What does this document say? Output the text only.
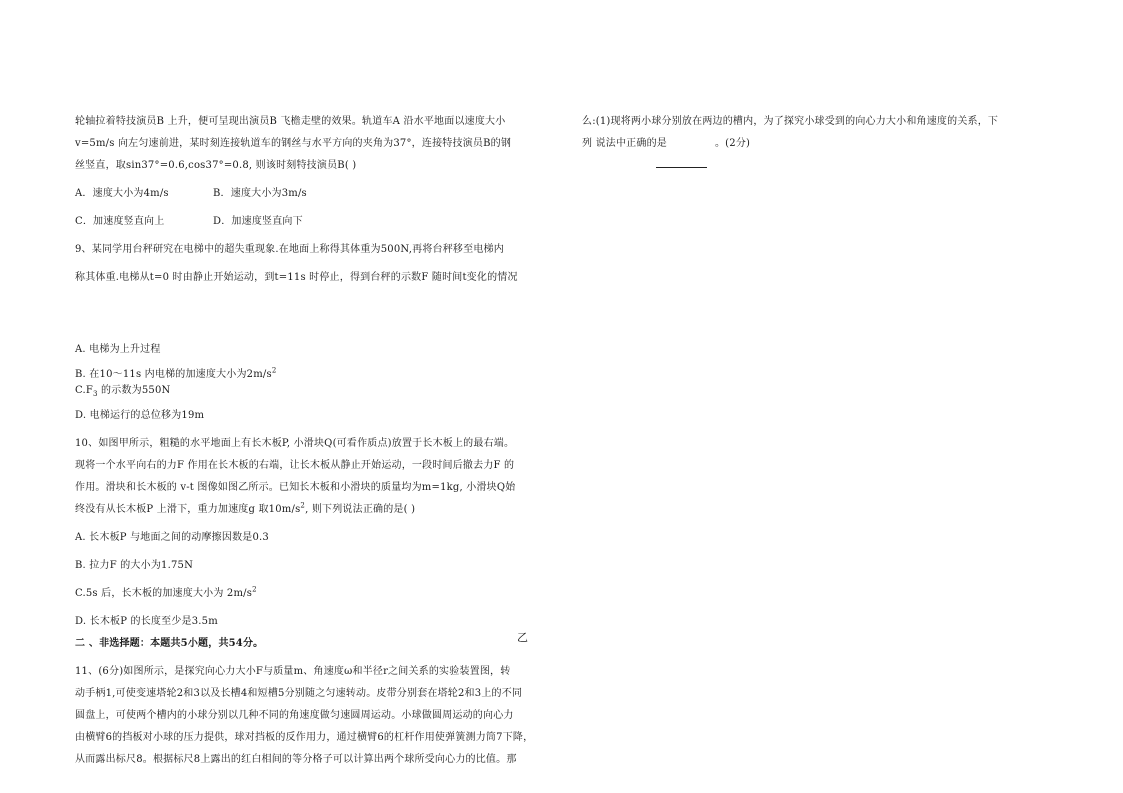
轮轴拉着特技演员B 上升，便可呈现出演员B 飞檐走壁的效果。轨道车A 沿水平地面以速度大小

v=5m/s 向左匀速前进，某时刻连接轨道车的钢丝与水平方向的夹角为37°，连接特技演员B的钢

丝竖直，取sin37°=0.6,cos37°=0.8, 则该时刻特技演员B( )

A．速度大小为4m/s	B．速度大小为3m/s
C．加速度竖直向上	D．加速度竖直向下

9、某同学用台秤研究在电梯中的超失重现象.在地面上称得其体重为500N,再将台秤移至电梯内

称其体重.电梯从t=0 时由静止开始运动，到t=11s 时停止，得到台秤的示数F 随时间t变化的情况

A. 电梯为上升过程

B. 在10～11s 内电梯的加速度大小为$2m/s^2$

$C.F_3$ 的示数为550N

D. 电梯运行的总位移为19m

10、如图甲所示，粗糙的水平地面上有长木板P, 小滑块Q(可看作质点)放置于长木板上的最右端。

现将一个水平向右的力F 作用在长木板的右端，让长木板从静止开始运动，一段时间后撤去力F 的

作用。滑块和长木板的 v-t 图像如图乙所示。已知长木板和小滑块的质量均为m=1kg, 小滑块Q始

终没有从长木板P 上滑下，重力加速度g 取$10m/s^2$, 则下列说法正确的是( )

A. 长木板P 与地面之间的动摩擦因数是0.3

B. 拉力F 的大小为1.75N

C.5s 后，长木板的加速度大小为 $2m/s^2$

D. 长木板P 的长度至少是3.5m

二 、非选择题：本题共5小题，共54分。

11、(6分)如图所示，是探究向心力大小F与质量m、角速度ω和半径r之间关系的实验装置图，转

动手柄1,可使变速塔轮2和3以及长槽4和短槽5分别随之匀速转动。皮带分别套在塔轮2和3上的不同

圆盘上，可使两个槽内的小球分别以几种不同的角速度做匀速圆周运动。小球做圆周运动的向心力

由横臂6的挡板对小球的压力提供，球对挡板的反作用力，通过横臂6的杠杆作用使弹簧测力筒7下降，

从而露出标尺8。根据标尺8上露出的红白相间的等分格子可以计算出两个球所受向心力的比值。那

么:(1)现将两小球分别放在两边的槽内，为了探究小球受到的向心力大小和角速度的关系，下

列 说法中正确的是	。(2分)

乙
